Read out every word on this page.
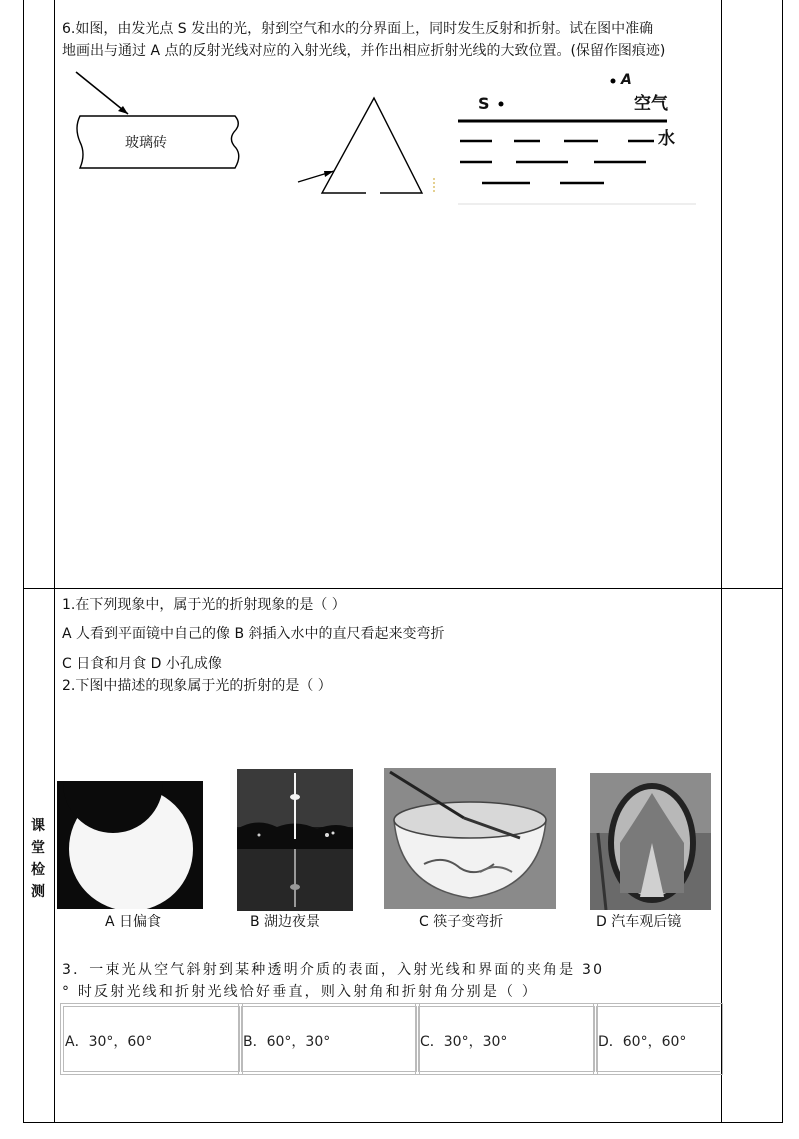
6.如图，由发光点 S 发出的光，射到空气和水的分界面上，同时发生反射和折射。试在图中准确
地画出与通过 A 点的反射光线对应的入射光线，并作出相应折射光线的大致位置。(保留作图痕迹)
玻璃砖
A
S	空气
水
课
堂
检
测
1.在下列现象中，属于光的折射现象的是（ ）
A 人看到平面镜中自己的像 B 斜插入水中的直尺看起来变弯折
C 日食和月食 D 小孔成像
2.下图中描述的现象属于光的折射的是（ ）
A 日偏食	B 湖边夜景	C 筷子变弯折	D 汽车观后镜
3．一束光从空气斜射到某种透明介质的表面，入射光线和界面的夹角是 30
° 时反射光线和折射光线恰好垂直，则入射角和折射角分别是（ ）
A．30°，60°	B．60°，30°	C．30°，30°	D．60°，60°
